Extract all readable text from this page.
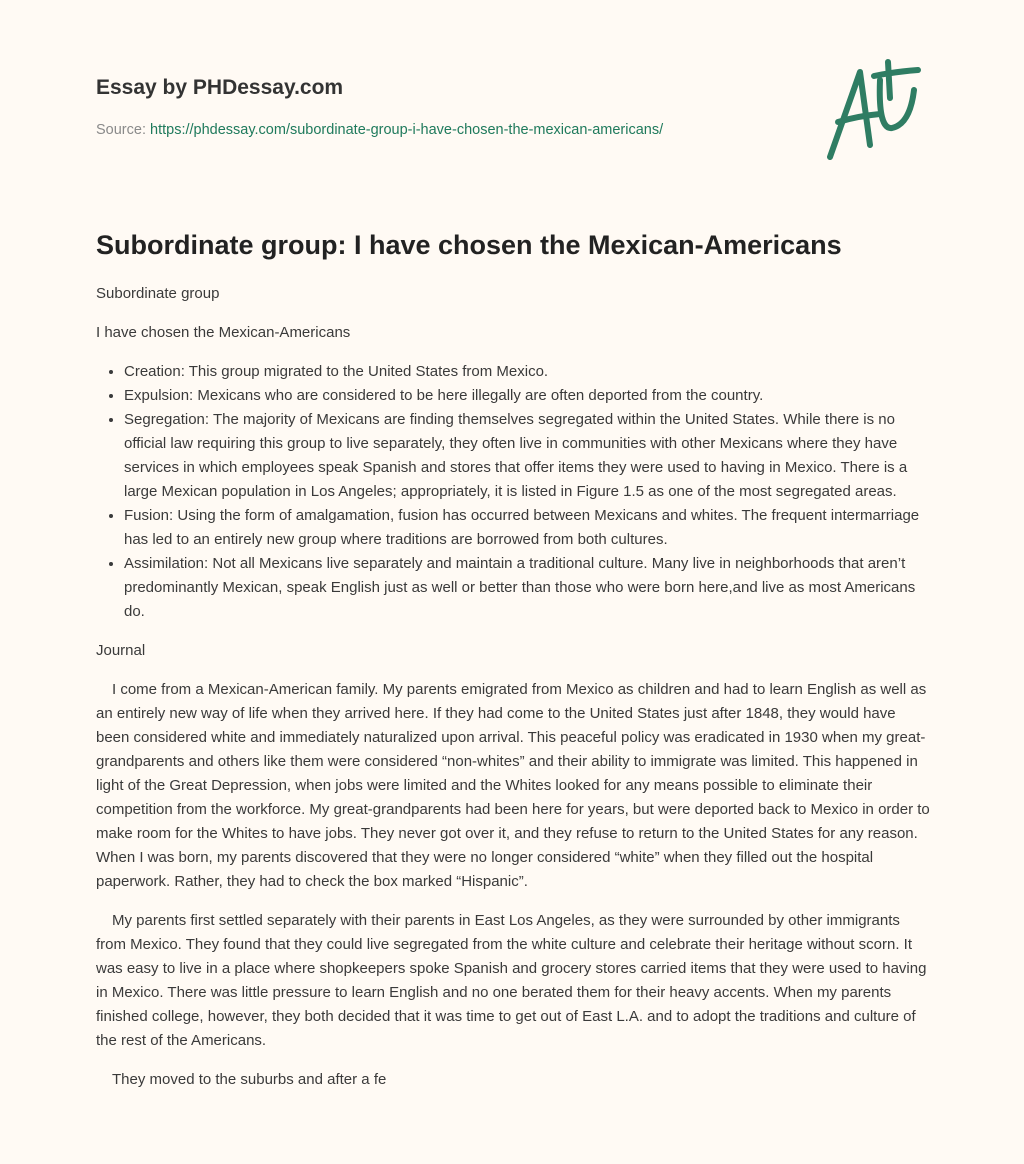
Essay by PHDessay.com
Source: https://phdessay.com/subordinate-group-i-have-chosen-the-mexican-americans/
Subordinate group: I have chosen the Mexican-Americans

Subordinate group

I have chosen the Mexican-Americans

• Creation: This group migrated to the United States from Mexico.
• Expulsion: Mexicans who are considered to be here illegally are often deported from the country.
• Segregation: The majority of Mexicans are finding themselves segregated within the United States. While there is no official law requiring this group to live separately, they often live in communities with other Mexicans where they have services in which employees speak Spanish and stores that offer items they were used to having in Mexico. There is a large Mexican population in Los Angeles; appropriately, it is listed in Figure 1.5 as one of the most segregated areas.
• Fusion: Using the form of amalgamation, fusion has occurred between Mexicans and whites. The frequent intermarriage has led to an entirely new group where traditions are borrowed from both cultures.
• Assimilation: Not all Mexicans live separately and maintain a traditional culture. Many live in neighborhoods that aren’t predominantly Mexican, speak English just as well or better than those who were born here,and live as most Americans do.

Journal

I come from a Mexican-American family. My parents emigrated from Mexico as children and had to learn English as well as an entirely new way of life when they arrived here. If they had come to the United States just after 1848, they would have been considered white and immediately naturalized upon arrival. This peaceful policy was eradicated in 1930 when my great-grandparents and others like them were considered “non-whites” and their ability to immigrate was limited. This happened in light of the Great Depression, when jobs were limited and the Whites looked for any means possible to eliminate their competition from the workforce. My great-grandparents had been here for years, but were deported back to Mexico in order to make room for the Whites to have jobs. They never got over it, and they refuse to return to the United States for any reason. When I was born, my parents discovered that they were no longer considered “white” when they filled out the hospital paperwork. Rather, they had to check the box marked “Hispanic”.

My parents first settled separately with their parents in East Los Angeles, as they were surrounded by other immigrants from Mexico. They found that they could live segregated from the white culture and celebrate their heritage without scorn. It was easy to live in a place where shopkeepers spoke Spanish and grocery stores carried items that they were used to having in Mexico. There was little pressure to learn English and no one berated them for their heavy accents. When my parents finished college, however, they both decided that it was time to get out of East L.A. and to adopt the traditions and culture of the rest of the Americans.

They moved to the suburbs and after a fe
